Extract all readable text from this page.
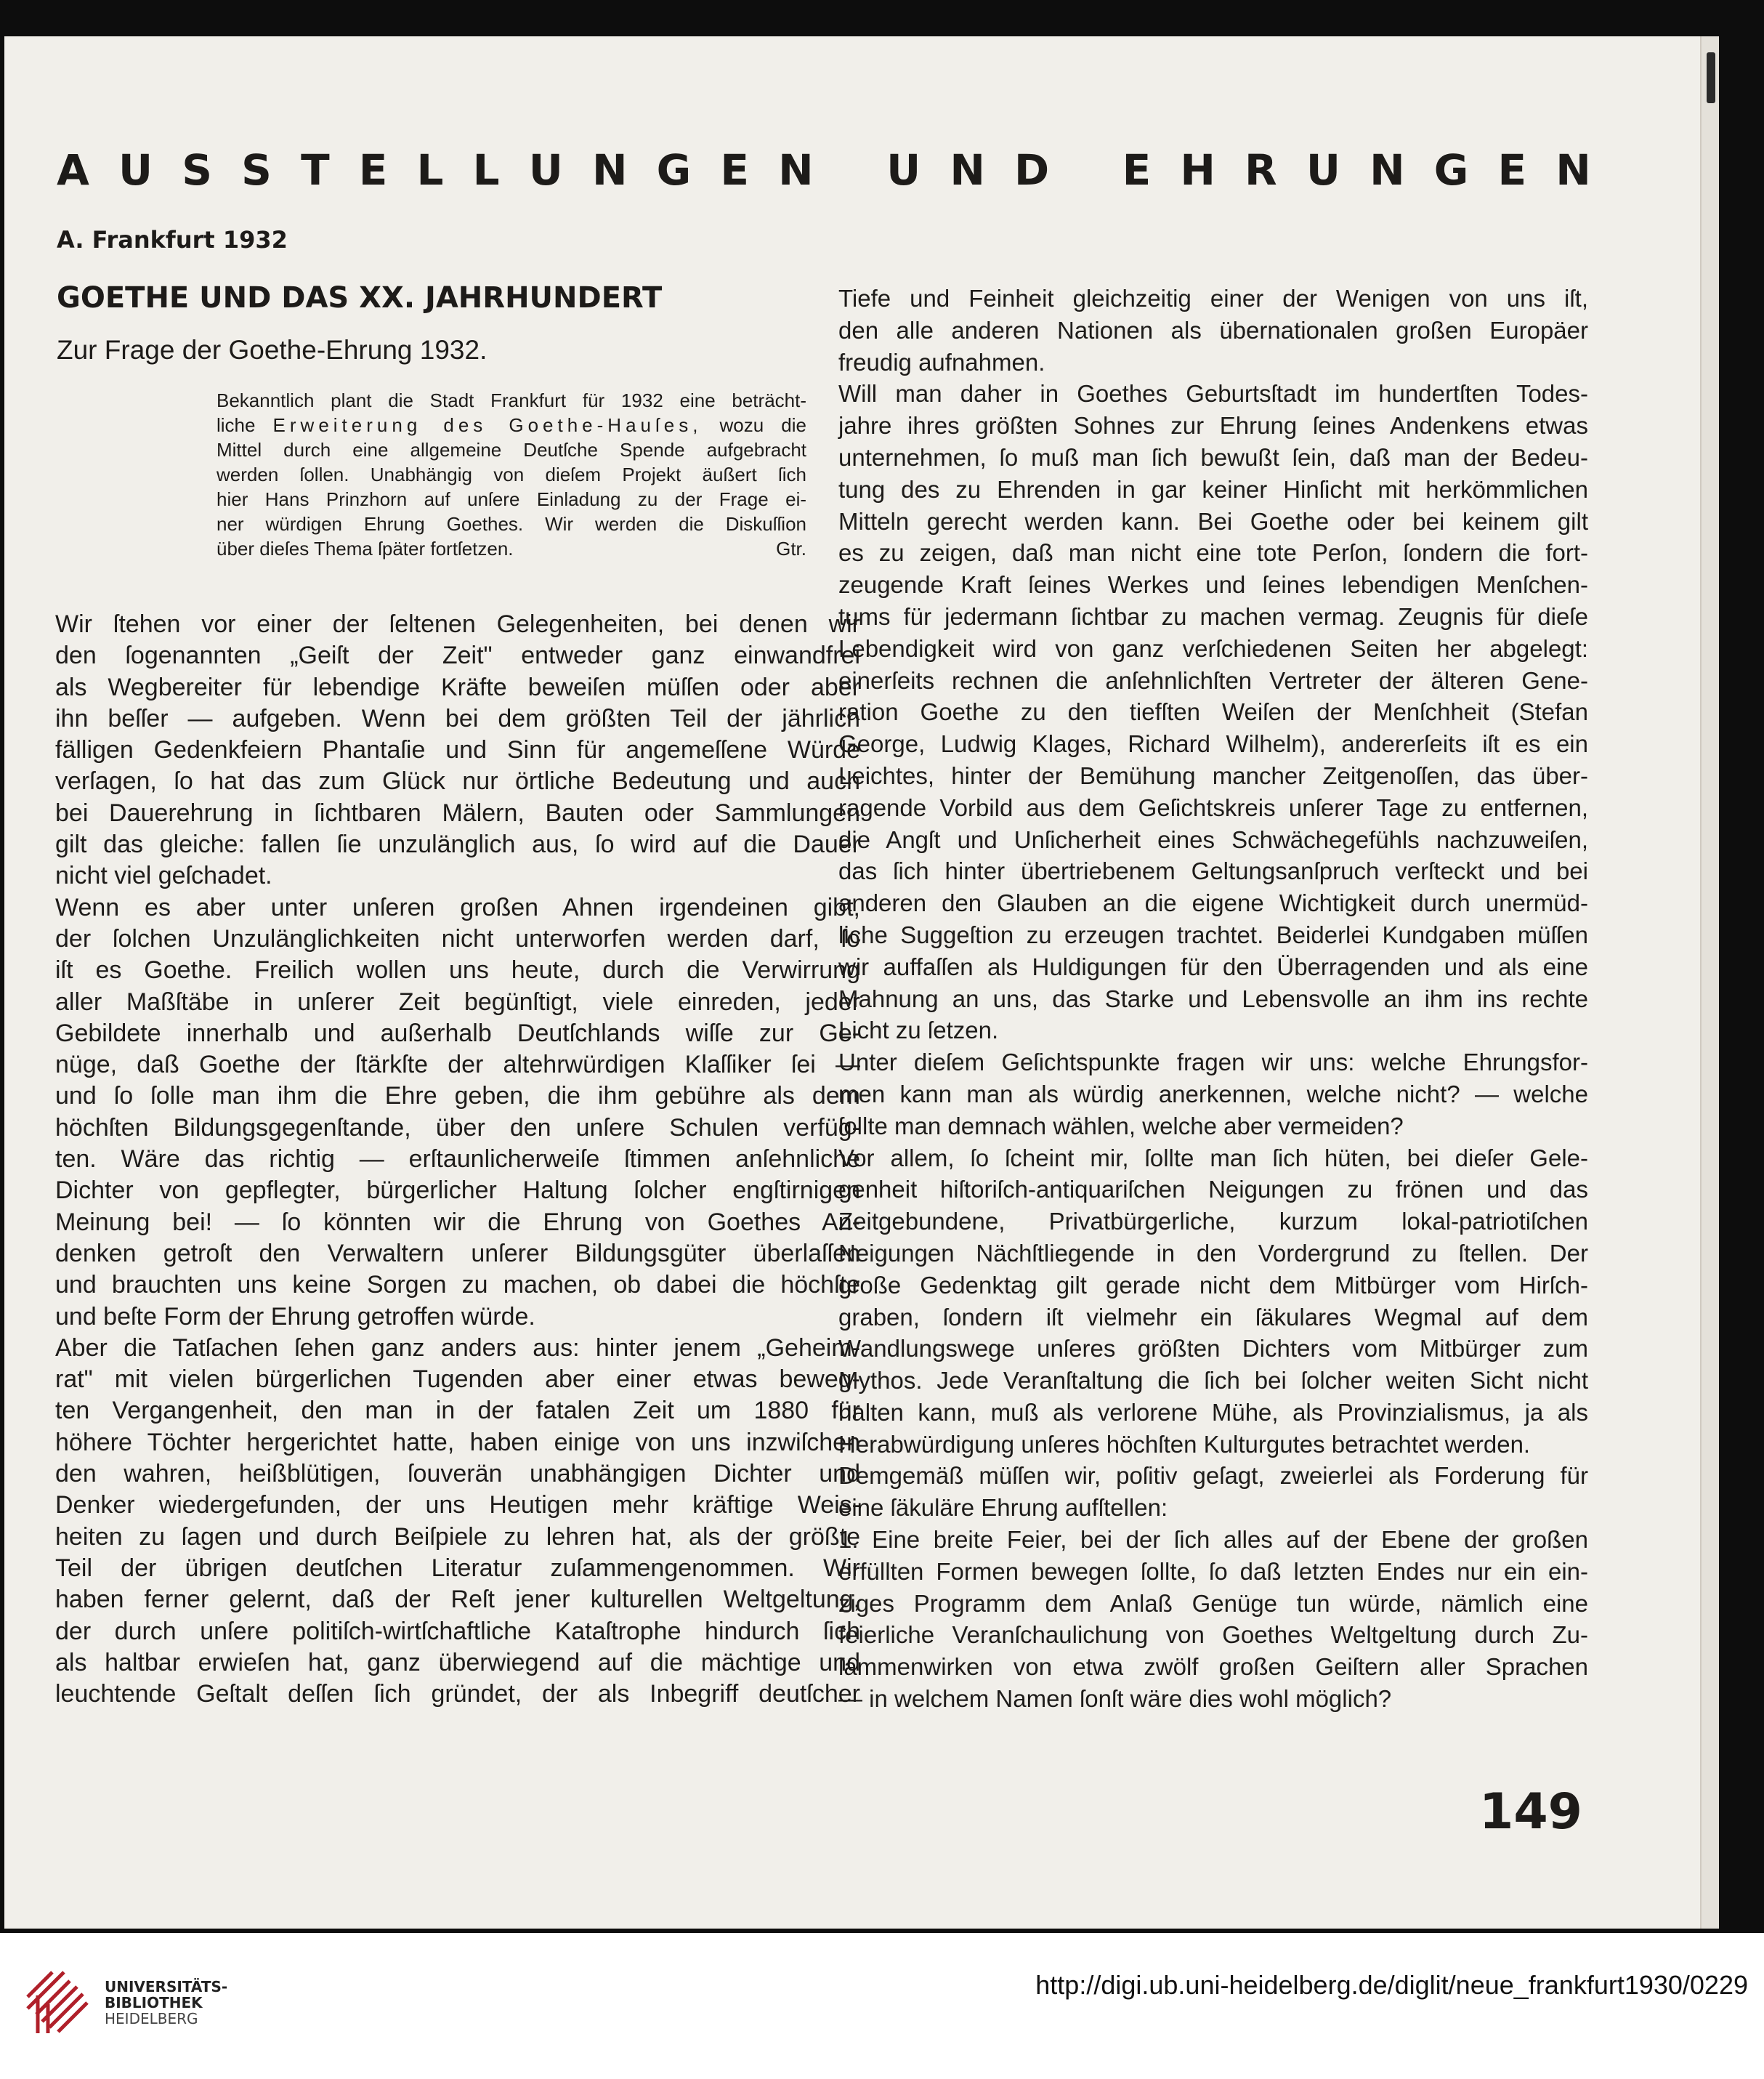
A U S S T E L L U N G E N
U N D
E H R U N G E N
A. Frankfurt 1932
GOETHE UND DAS XX. JAHRHUNDERT
Zur Frage der Goethe-Ehrung 1932.
Bekanntlich plant die Stadt Frankfurt für 1932 eine beträcht-
liche Erweiterung des Goethe-Hauſes, wozu die
Mittel durch eine allgemeine Deutſche Spende aufgebracht
werden ſollen. Unabhängig von dieſem Projekt äußert ſich
hier Hans Prinzhorn auf unſere Einladung zu der Frage ei-
ner würdigen Ehrung Goethes. Wir werden die Diskuſſion
über dieſes Thema ſpäter fortſetzen.	Gtr.
Wir ſtehen vor einer der ſeltenen Gelegenheiten, bei denen wir
den ſogenannten „Geiſt der Zeit" entweder ganz einwandfrei
als Wegbereiter für lebendige Kräfte beweiſen müſſen oder aber
ihn beſſer — aufgeben. Wenn bei dem größten Teil der jährlich
fälligen Gedenkfeiern Phantaſie und Sinn für angemeſſene Würde
verſagen, ſo hat das zum Glück nur örtliche Bedeutung und auch
bei Dauerehrung in ſichtbaren Mälern, Bauten oder Sammlungen
gilt das gleiche: fallen ſie unzulänglich aus, ſo wird auf die Dauer
nicht viel geſchadet.
Wenn es aber unter unſeren großen Ahnen irgendeinen gibt,
der ſolchen Unzulänglichkeiten nicht unterworfen werden darf, ſo
iſt es Goethe. Freilich wollen uns heute, durch die Verwirrung
aller Maßſtäbe in unſerer Zeit begünſtigt, viele einreden, jeder
Gebildete innerhalb und außerhalb Deutſchlands wiſſe zur Ge-
nüge, daß Goethe der ſtärkſte der altehrwürdigen Klaſſiker ſei —
und ſo ſolle man ihm die Ehre geben, die ihm gebühre als dem
höchſten Bildungsgegenſtande, über den unſere Schulen verfüg-
ten. Wäre das richtig — erſtaunlicherweiſe ſtimmen anſehnliche
Dichter von gepflegter, bürgerlicher Haltung ſolcher engſtirnigen
Meinung bei! — ſo könnten wir die Ehrung von Goethes An-
denken getroſt den Verwaltern unſerer Bildungsgüter überlaſſen
und brauchten uns keine Sorgen zu machen, ob dabei die höchſte
und beſte Form der Ehrung getroffen würde.
Aber die Tatſachen ſehen ganz anders aus: hinter jenem „Geheim-
rat" mit vielen bürgerlichen Tugenden aber einer etwas beweg-
ten Vergangenheit, den man in der fatalen Zeit um 1880 für
höhere Töchter hergerichtet hatte, haben einige von uns inzwiſchen
den wahren, heißblütigen, ſouverän unabhängigen Dichter und
Denker wiedergefunden, der uns Heutigen mehr kräftige Weis-
heiten zu ſagen und durch Beiſpiele zu lehren hat, als der größte
Teil der übrigen deutſchen Literatur zuſammengenommen. Wir
haben ferner gelernt, daß der Reſt jener kulturellen Weltgeltung,
der durch unſere politiſch-wirtſchaftliche Kataſtrophe hindurch ſich
als haltbar erwieſen hat, ganz überwiegend auf die mächtige und
leuchtende Geſtalt deſſen ſich gründet, der als Inbegriff deutſcher
Tiefe und Feinheit gleichzeitig einer der Wenigen von uns iſt,
den alle anderen Nationen als übernationalen großen Europäer
freudig aufnahmen.
Will man daher in Goethes Geburtsſtadt im hundertſten Todes-
jahre ihres größten Sohnes zur Ehrung ſeines Andenkens etwas
unternehmen, ſo muß man ſich bewußt ſein, daß man der Bedeu-
tung des zu Ehrenden in gar keiner Hinſicht mit herkömmlichen
Mitteln gerecht werden kann. Bei Goethe oder bei keinem gilt
es zu zeigen, daß man nicht eine tote Perſon, ſondern die fort-
zeugende Kraft ſeines Werkes und ſeines lebendigen Menſchen-
tums für jedermann ſichtbar zu machen vermag. Zeugnis für dieſe
Lebendigkeit wird von ganz verſchiedenen Seiten her abgelegt:
einerſeits rechnen die anſehnlichſten Vertreter der älteren Gene-
ration Goethe zu den tiefſten Weiſen der Menſchheit (Stefan
George, Ludwig Klages, Richard Wilhelm), andererſeits iſt es ein
Leichtes, hinter der Bemühung mancher Zeitgenoſſen, das über-
ragende Vorbild aus dem Geſichtskreis unſerer Tage zu entfernen,
die Angſt und Unſicherheit eines Schwächegefühls nachzuweiſen,
das ſich hinter übertriebenem Geltungsanſpruch verſteckt und bei
anderen den Glauben an die eigene Wichtigkeit durch unermüd-
liche Suggeſtion zu erzeugen trachtet. Beiderlei Kundgaben müſſen
wir auffaſſen als Huldigungen für den Überragenden und als eine
Mahnung an uns, das Starke und Lebensvolle an ihm ins rechte
Licht zu ſetzen.
Unter dieſem Geſichtspunkte fragen wir uns: welche Ehrungsfor-
men kann man als würdig anerkennen, welche nicht? — welche
ſollte man demnach wählen, welche aber vermeiden?
Vor allem, ſo ſcheint mir, ſollte man ſich hüten, bei dieſer Gele-
genheit hiſtoriſch-antiquariſchen Neigungen zu frönen und das
Zeitgebundene, Privatbürgerliche, kurzum lokal-patriotiſchen
Neigungen Nächſtliegende in den Vordergrund zu ſtellen. Der
große Gedenktag gilt gerade nicht dem Mitbürger vom Hirſch-
graben, ſondern iſt vielmehr ein ſäkulares Wegmal auf dem
Wandlungswege unſeres größten Dichters vom Mitbürger zum
Mythos. Jede Veranſtaltung die ſich bei ſolcher weiten Sicht nicht
halten kann, muß als verlorene Mühe, als Provinzialismus, ja als
Herabwürdigung unſeres höchſten Kulturgutes betrachtet werden.
Demgemäß müſſen wir, poſitiv geſagt, zweierlei als Forderung für
eine ſäkuläre Ehrung aufſtellen:
1. Eine breite Feier, bei der ſich alles auf der Ebene der großen
erfüllten Formen bewegen ſollte, ſo daß letzten Endes nur ein ein-
ziges Programm dem Anlaß Genüge tun würde, nämlich eine
feierliche Veranſchaulichung von Goethes Weltgeltung durch Zu-
ſammenwirken von etwa zwölf großen Geiſtern aller Sprachen
— in welchem Namen ſonſt wäre dies wohl möglich?
149
UNIVERSITÄTS-
BIBLIOTHEK
HEIDELBERG
http://digi.ub.uni-heidelberg.de/diglit/neue_frankfurt1930/0229
